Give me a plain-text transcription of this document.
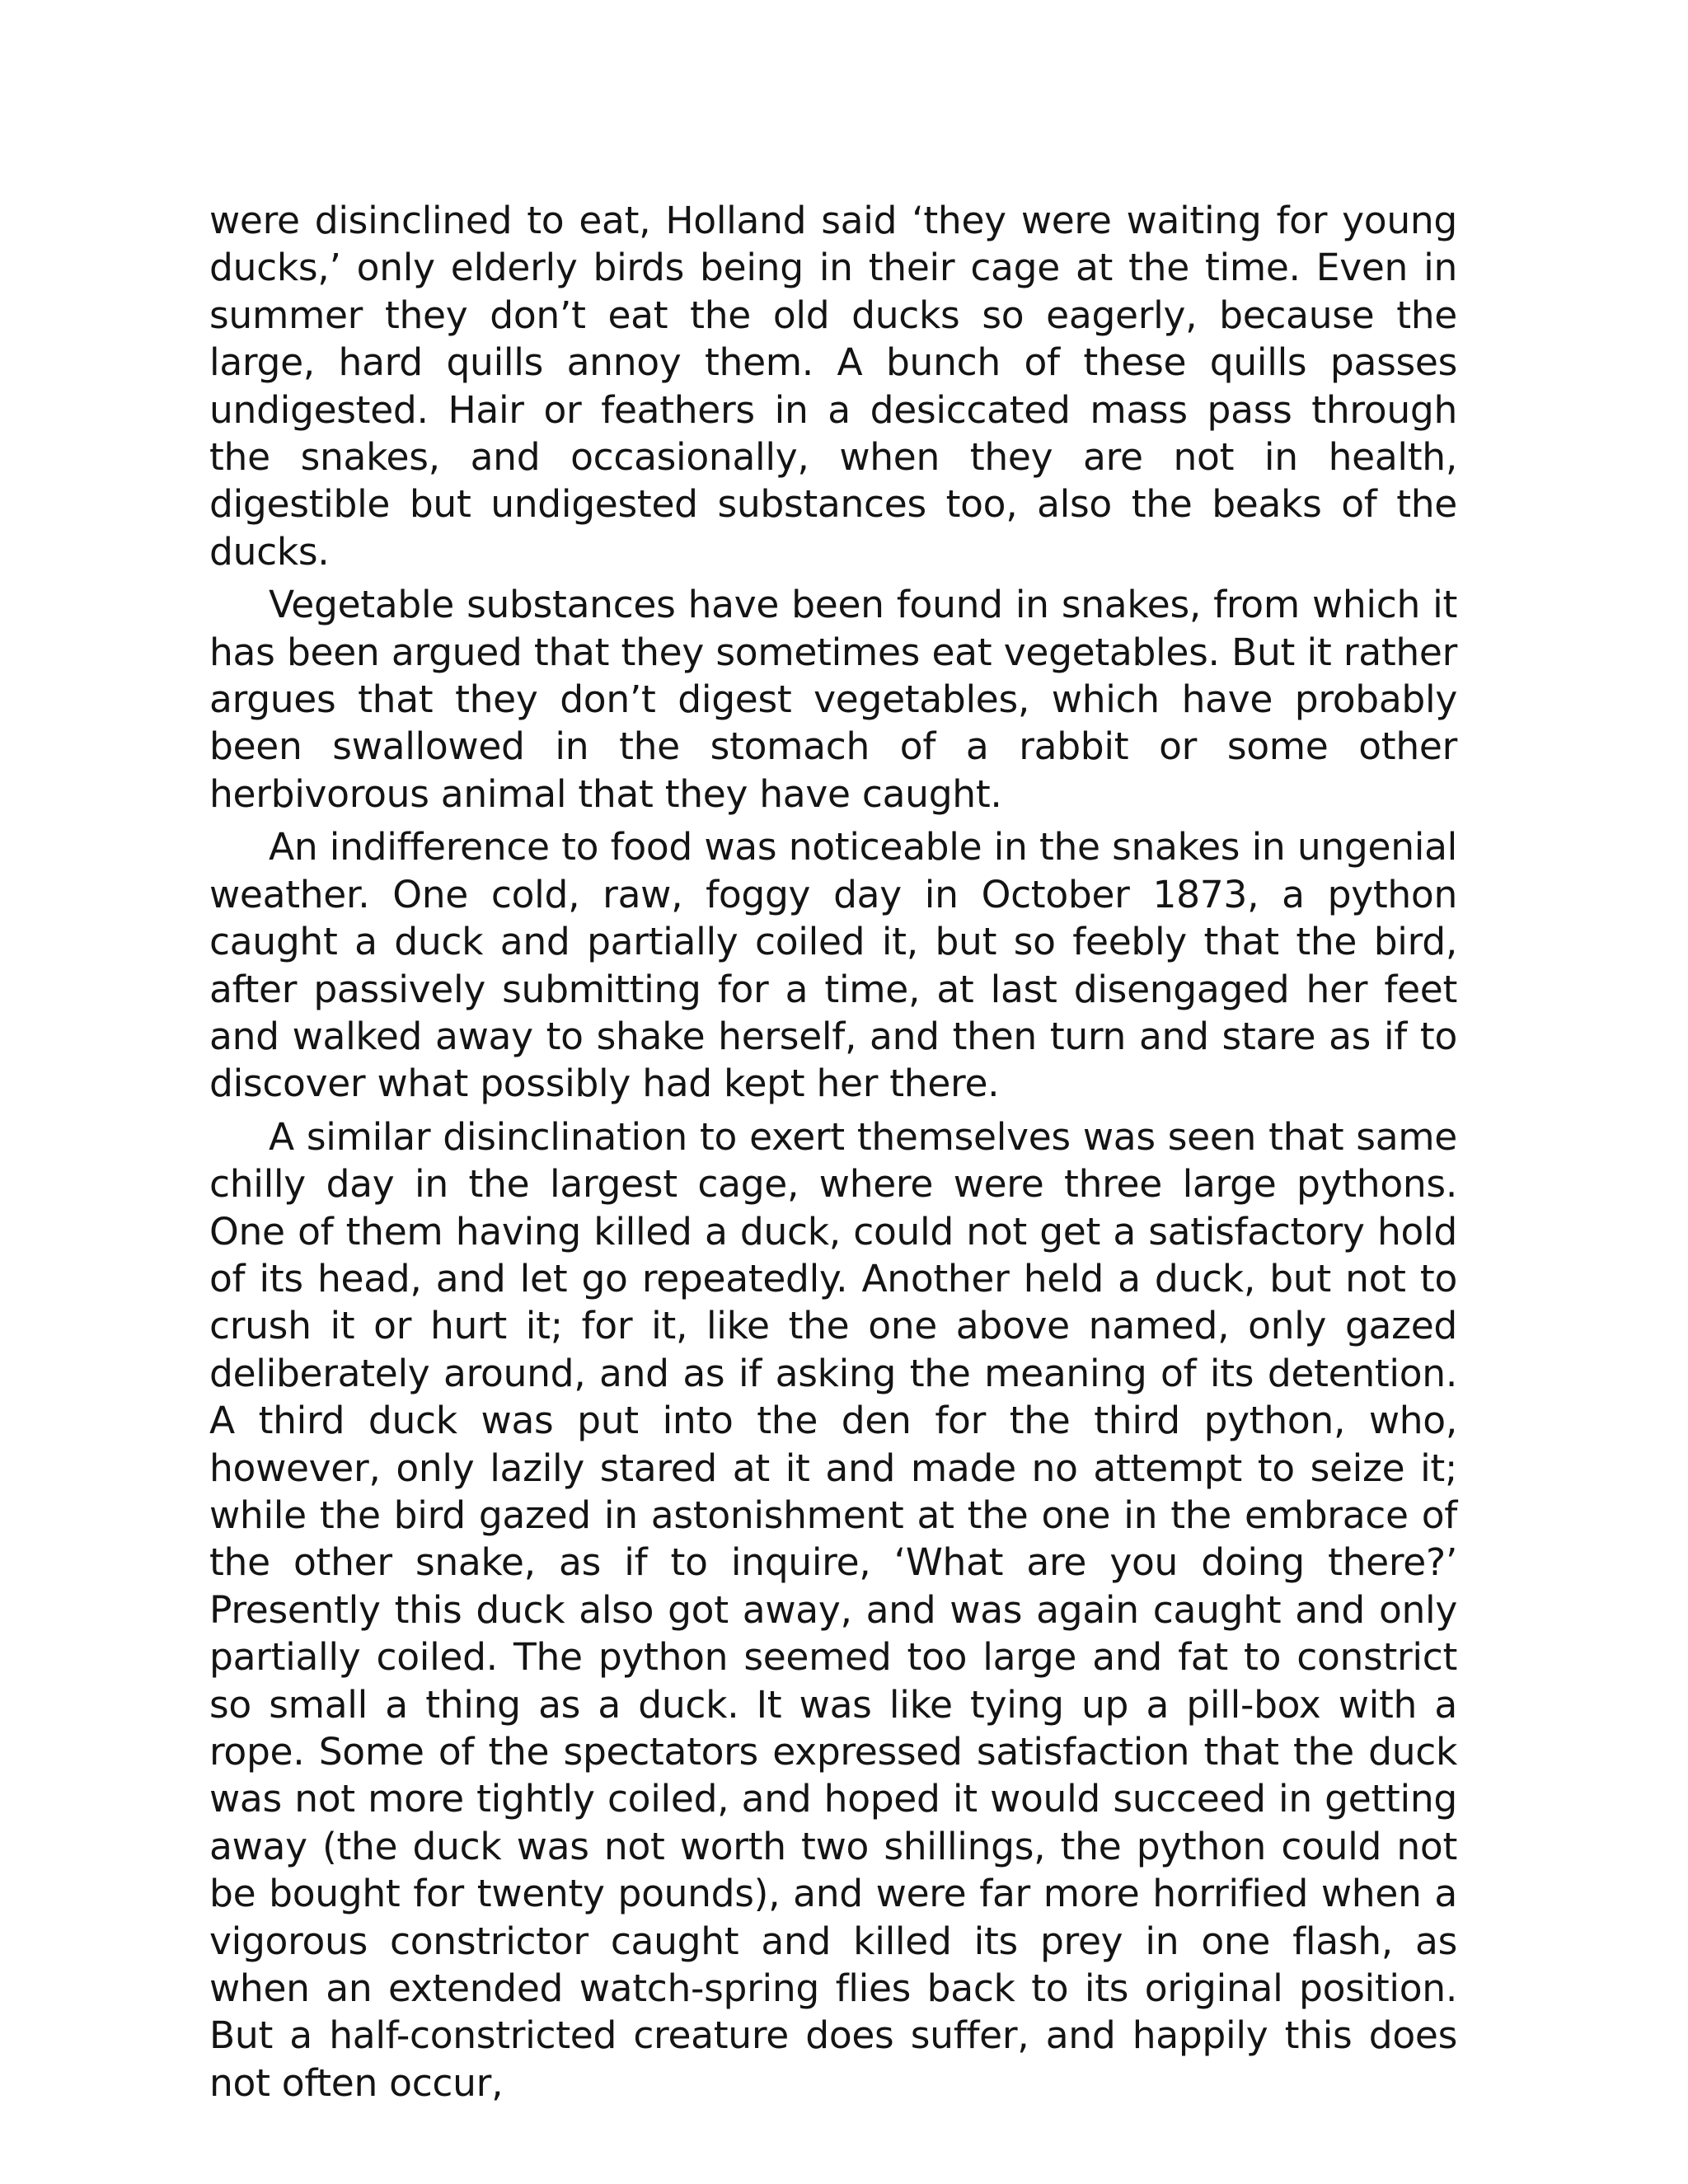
were disinclined to eat, Holland said ‘they were waiting for young ducks,’ only elderly birds being in their cage at the time. Even in summer they don’t eat the old ducks so eagerly, because the large, hard quills annoy them. A bunch of these quills passes undigested. Hair or feathers in a desiccated mass pass through the snakes, and occasionally, when they are not in health, digestible but undigested substances too, also the beaks of the ducks.

Vegetable substances have been found in snakes, from which it has been argued that they sometimes eat vegetables. But it rather argues that they don’t digest vegetables, which have probably been swallowed in the stomach of a rabbit or some other herbivorous animal that they have caught.

An indifference to food was noticeable in the snakes in ungenial weather. One cold, raw, foggy day in October 1873, a python caught a duck and partially coiled it, but so feebly that the bird, after passively submitting for a time, at last disengaged her feet and walked away to shake herself, and then turn and stare as if to discover what possibly had kept her there.

A similar disinclination to exert themselves was seen that same chilly day in the largest cage, where were three large pythons. One of them having killed a duck, could not get a satisfactory hold of its head, and let go repeatedly. Another held a duck, but not to crush it or hurt it; for it, like the one above named, only gazed deliberately around, and as if asking the meaning of its detention. A third duck was put into the den for the third python, who, however, only lazily stared at it and made no attempt to seize it; while the bird gazed in astonishment at the one in the embrace of the other snake, as if to inquire, ‘What are you doing there?’ Presently this duck also got away, and was again caught and only partially coiled. The python seemed too large and fat to constrict so small a thing as a duck. It was like tying up a pill-box with a rope. Some of the spectators expressed satisfaction that the duck was not more tightly coiled, and hoped it would succeed in getting away (the duck was not worth two shillings, the python could not be bought for twenty pounds), and were far more horrified when a vigorous constrictor caught and killed its prey in one flash, as when an extended watch-spring flies back to its original position. But a half-constricted creature does suffer, and happily this does not often occur,
